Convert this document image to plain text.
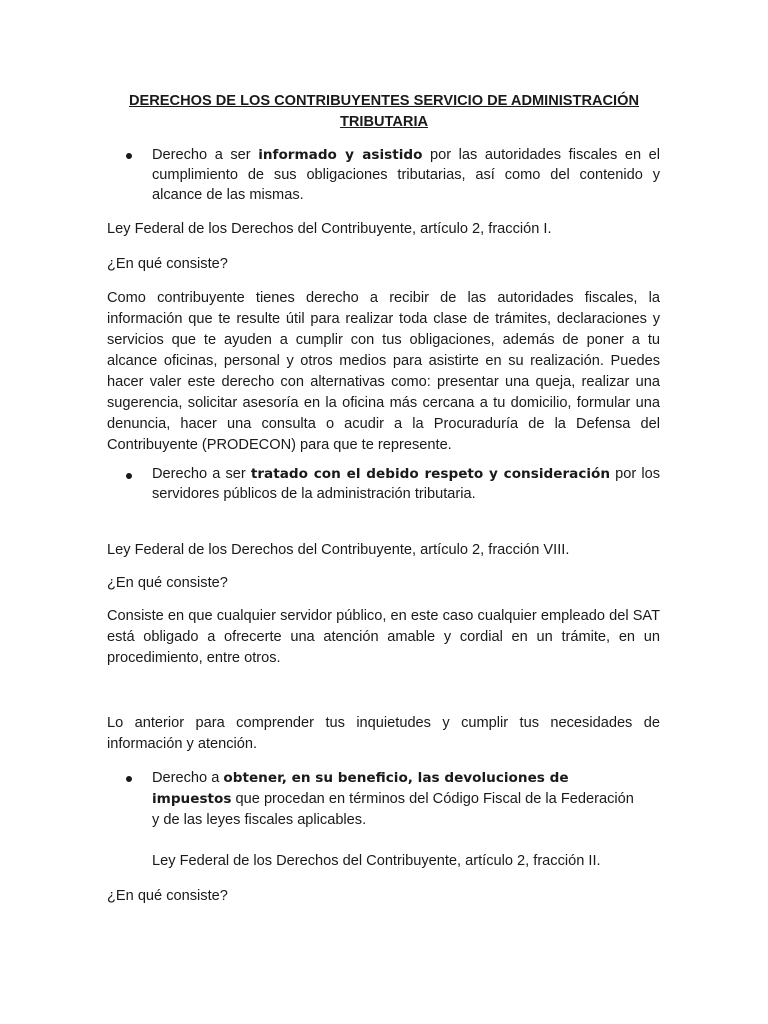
DERECHOS DE LOS CONTRIBUYENTES SERVICIO DE ADMINISTRACIÓN TRIBUTARIA

Derecho a ser informado y asistido por las autoridades fiscales en el cumplimiento de sus obligaciones tributarias, así como del contenido y alcance de las mismas.

Ley Federal de los Derechos del Contribuyente, artículo 2, fracción I.

¿En qué consiste?

Como contribuyente tienes derecho a recibir de las autoridades fiscales, la información que te resulte útil para realizar toda clase de trámites, declaraciones y servicios que te ayuden a cumplir con tus obligaciones, además de poner a tu alcance oficinas, personal y otros medios para asistirte en su realización. Puedes hacer valer este derecho con alternativas como: presentar una queja, realizar una sugerencia, solicitar asesoría en la oficina más cercana a tu domicilio, formular una denuncia, hacer una consulta o acudir a la Procuraduría de la Defensa del Contribuyente (PRODECON) para que te represente.

Derecho a ser tratado con el debido respeto y consideración por los servidores públicos de la administración tributaria.

Ley Federal de los Derechos del Contribuyente, artículo 2, fracción VIII.

¿En qué consiste?

Consiste en que cualquier servidor público, en este caso cualquier empleado del SAT está obligado a ofrecerte una atención amable y cordial en un trámite, en un procedimiento, entre otros.

Lo anterior para comprender tus inquietudes y cumplir tus necesidades de información y atención.

Derecho a obtener, en su beneficio, las devoluciones de impuestos que procedan en términos del Código Fiscal de la Federación y de las leyes fiscales aplicables.

Ley Federal de los Derechos del Contribuyente, artículo 2, fracción II.

¿En qué consiste?
